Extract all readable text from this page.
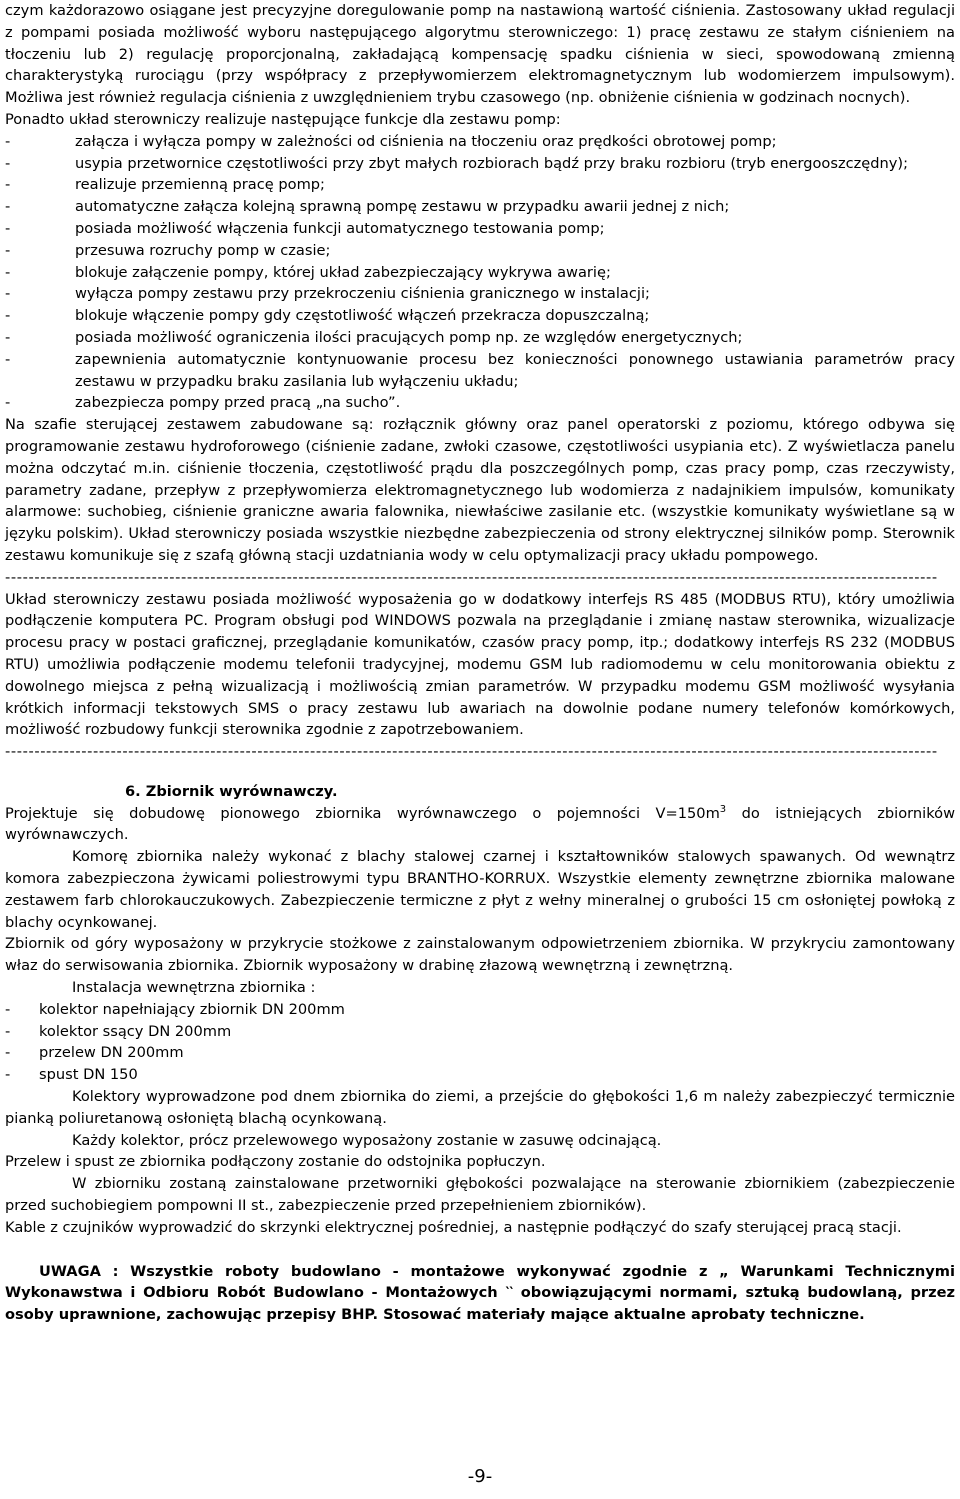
czym każdorazowo osiągane jest precyzyjne doregulowanie pomp na nastawioną wartość ciśnienia. Zastosowany układ regulacji z pompami posiada możliwość wyboru następującego algorytmu sterowniczego: 1) pracę zestawu ze stałym ciśnieniem na tłoczeniu lub 2) regulację proporcjonalną, zakładającą kompensację spadku ciśnienia w sieci, spowodowaną zmienną charakterystyką rurociągu (przy współpracy z przepływomierzem elektromagnetycznym lub wodomierzem impulsowym). Możliwa jest również regulacja ciśnienia z uwzględnieniem trybu czasowego (np. obniżenie ciśnienia w godzinach nocnych).

Ponadto układ sterowniczy realizuje następujące funkcje dla zestawu pomp:

-	załącza i wyłącza pompy w zależności od ciśnienia na tłoczeniu oraz prędkości obrotowej pomp;
-	usypia przetwornice częstotliwości przy zbyt małych rozbiorach bądź przy braku rozbioru (tryb energooszczędny);
-	realizuje przemienną pracę pomp;
-	automatyczne załącza kolejną sprawną pompę zestawu w przypadku awarii jednej z nich;
-	posiada możliwość włączenia funkcji automatycznego testowania pomp;
-	przesuwa rozruchy pomp w czasie;
-	blokuje załączenie pompy, której układ zabezpieczający wykrywa awarię;
-	wyłącza pompy zestawu przy przekroczeniu ciśnienia granicznego w instalacji;
-	blokuje włączenie pompy gdy częstotliwość włączeń przekracza dopuszczalną;
-	posiada możliwość ograniczenia ilości pracujących pomp np. ze względów energetycznych;
-	zapewnienia automatycznie kontynuowanie procesu bez konieczności ponownego ustawiania parametrów pracy zestawu w przypadku braku zasilania lub wyłączeniu układu;
-	zabezpiecza pompy przed pracą „na sucho”.

Na szafie sterującej zestawem zabudowane są: rozłącznik główny oraz panel operatorski z poziomu, którego odbywa się programowanie zestawu hydroforowego (ciśnienie zadane, zwłoki czasowe, częstotliwości usypiania etc). Z wyświetlacza panelu można odczytać m.in. ciśnienie tłoczenia, częstotliwość prądu dla poszczególnych pomp, czas pracy pomp, czas rzeczywisty, parametry zadane, przepływ z przepływomierza elektromagnetycznego lub wodomierza z nadajnikiem impulsów, komunikaty alarmowe: suchobieg, ciśnienie graniczne awaria falownika, niewłaściwe zasilanie etc. (wszystkie komunikaty wyświetlane są w języku polskim). Układ sterowniczy posiada wszystkie niezbędne zabezpieczenia od strony elektrycznej silników pomp. Sterownik zestawu komunikuje się z szafą główną stacji uzdatniania wody w celu optymalizacji pracy układu pompowego.

---------------------------------------------------------------------------------------------------------------------------------------------------------------

Układ sterowniczy zestawu posiada możliwość wyposażenia go w dodatkowy interfejs RS 485 (MODBUS RTU), który umożliwia podłączenie komputera PC. Program obsługi pod WINDOWS pozwala na przeglądanie i zmianę nastaw sterownika, wizualizacje procesu pracy w postaci graficznej, przeglądanie komunikatów, czasów pracy pomp, itp.; dodatkowy interfejs RS 232 (MODBUS RTU) umożliwia podłączenie modemu telefonii tradycyjnej, modemu GSM lub radiomodemu w celu monitorowania obiektu z dowolnego miejsca z pełną wizualizacją i możliwością zmian parametrów. W przypadku modemu GSM możliwość wysyłania krótkich informacji tekstowych SMS o pracy zestawu lub awariach na dowolnie podane numery telefonów komórkowych, możliwość rozbudowy funkcji sterownika zgodnie z zapotrzebowaniem.

---------------------------------------------------------------------------------------------------------------------------------------------------------------
6. Zbiornik wyrównawczy.

Projektuje się dobudowę pionowego zbiornika wyrównawczego o pojemności $V=150m^3$ do istniejących zbiorników wyrównawczych.

Komorę zbiornika należy wykonać z blachy stalowej czarnej i kształtowników stalowych spawanych. Od wewnątrz komora zabezpieczona żywicami poliestrowymi typu BRANTHO-KORRUX. Wszystkie elementy zewnętrzne zbiornika malowane zestawem farb chlorokauczukowych. Zabezpieczenie termiczne z płyt z wełny mineralnej o grubości 15 cm osłoniętej powłoką z blachy ocynkowanej.

Zbiornik od góry wyposażony w przykrycie stożkowe z zainstalowanym odpowietrzeniem zbiornika. W przykryciu zamontowany właz do serwisowania zbiornika. Zbiornik wyposażony w drabinę złazową wewnętrzną i zewnętrzną.

Instalacja wewnętrzna zbiornika :

- kolektor napełniający zbiornik DN 200mm
- kolektor ssący DN 200mm
- przelew DN 200mm
- spust DN 150

Kolektory wyprowadzone pod dnem zbiornika do ziemi, a przejście do głębokości 1,6 m należy zabezpieczyć termicznie pianką poliuretanową osłoniętą blachą ocynkowaną.

Każdy kolektor, prócz przelewowego wyposażony zostanie w zasuwę odcinającą.

Przelew i spust ze zbiornika podłączony zostanie do odstojnika popłuczyn.

W zbiorniku zostaną zainstalowane przetworniki głębokości pozwalające na sterowanie zbiornikiem (zabezpieczenie przed suchobiegiem pompowni II st., zabezpieczenie przed przepełnieniem zbiorników).

Kable z czujników wyprowadzić do skrzynki elektrycznej pośredniej, a następnie podłączyć do szafy sterującej pracą stacji.

UWAGA : Wszystkie roboty budowlano - montażowe wykonywać zgodnie z „ Warunkami Technicznymi Wykonawstwa i Odbioru Robót Budowlano - Montażowych ‵‵ obowiązującymi normami, sztuką budowlaną, przez osoby uprawnione, zachowując przepisy BHP. Stosować materiały mające aktualne aprobaty techniczne.

-9-
